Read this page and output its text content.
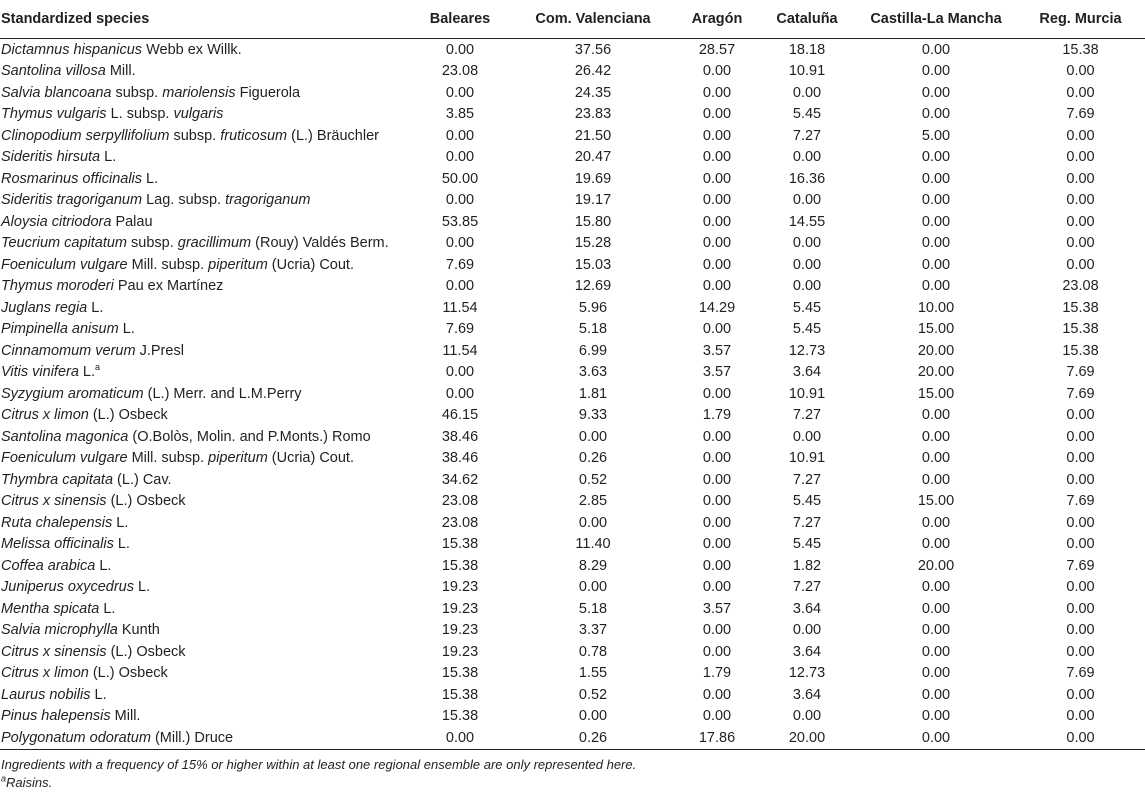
Standardized species	Baleares	Com. Valenciana	Aragón	Cataluña	Castilla-La Mancha	Reg. Murcia
Dictamnus hispanicus Webb ex Willk.	0.00	37.56	28.57	18.18	0.00	15.38
Santolina villosa Mill.	23.08	26.42	0.00	10.91	0.00	0.00
Salvia blancoana subsp. mariolensis Figuerola	0.00	24.35	0.00	0.00	0.00	0.00
Thymus vulgaris L. subsp. vulgaris	3.85	23.83	0.00	5.45	0.00	7.69
Clinopodium serpyllifolium subsp. fruticosum (L.) Bräuchler	0.00	21.50	0.00	7.27	5.00	0.00
Sideritis hirsuta L.	0.00	20.47	0.00	0.00	0.00	0.00
Rosmarinus officinalis L.	50.00	19.69	0.00	16.36	0.00	0.00
Sideritis tragoriganum Lag. subsp. tragoriganum	0.00	19.17	0.00	0.00	0.00	0.00
Aloysia citriodora Palau	53.85	15.80	0.00	14.55	0.00	0.00
Teucrium capitatum subsp. gracillimum (Rouy) Valdés Berm.	0.00	15.28	0.00	0.00	0.00	0.00
Foeniculum vulgare Mill. subsp. piperitum (Ucria) Cout.	7.69	15.03	0.00	0.00	0.00	0.00
Thymus moroderi Pau ex Martínez	0.00	12.69	0.00	0.00	0.00	23.08
Juglans regia L.	11.54	5.96	14.29	5.45	10.00	15.38
Pimpinella anisum L.	7.69	5.18	0.00	5.45	15.00	15.38
Cinnamomum verum J.Presl	11.54	6.99	3.57	12.73	20.00	15.38
Vitis vinifera L.$^a$	0.00	3.63	3.57	3.64	20.00	7.69
Syzygium aromaticum (L.) Merr. and L.M.Perry	0.00	1.81	0.00	10.91	15.00	7.69
Citrus x limon (L.) Osbeck	46.15	9.33	1.79	7.27	0.00	0.00
Santolina magonica (O.Bolòs, Molin. and P.Monts.) Romo	38.46	0.00	0.00	0.00	0.00	0.00
Foeniculum vulgare Mill. subsp. piperitum (Ucria) Cout.	38.46	0.26	0.00	10.91	0.00	0.00
Thymbra capitata (L.) Cav.	34.62	0.52	0.00	7.27	0.00	0.00
Citrus x sinensis (L.) Osbeck	23.08	2.85	0.00	5.45	15.00	7.69
Ruta chalepensis L.	23.08	0.00	0.00	7.27	0.00	0.00
Melissa officinalis L.	15.38	11.40	0.00	5.45	0.00	0.00
Coffea arabica L.	15.38	8.29	0.00	1.82	20.00	7.69
Juniperus oxycedrus L.	19.23	0.00	0.00	7.27	0.00	0.00
Mentha spicata L.	19.23	5.18	3.57	3.64	0.00	0.00
Salvia microphylla Kunth	19.23	3.37	0.00	0.00	0.00	0.00
Citrus x sinensis (L.) Osbeck	19.23	0.78	0.00	3.64	0.00	0.00
Citrus x limon (L.) Osbeck	15.38	1.55	1.79	12.73	0.00	7.69
Laurus nobilis L.	15.38	0.52	0.00	3.64	0.00	0.00
Pinus halepensis Mill.	15.38	0.00	0.00	0.00	0.00	0.00
Polygonatum odoratum (Mill.) Druce	0.00	0.26	17.86	20.00	0.00	0.00
Ingredients with a frequency of 15% or higher within at least one regional ensemble are only represented here.
$^a$Raisins.
